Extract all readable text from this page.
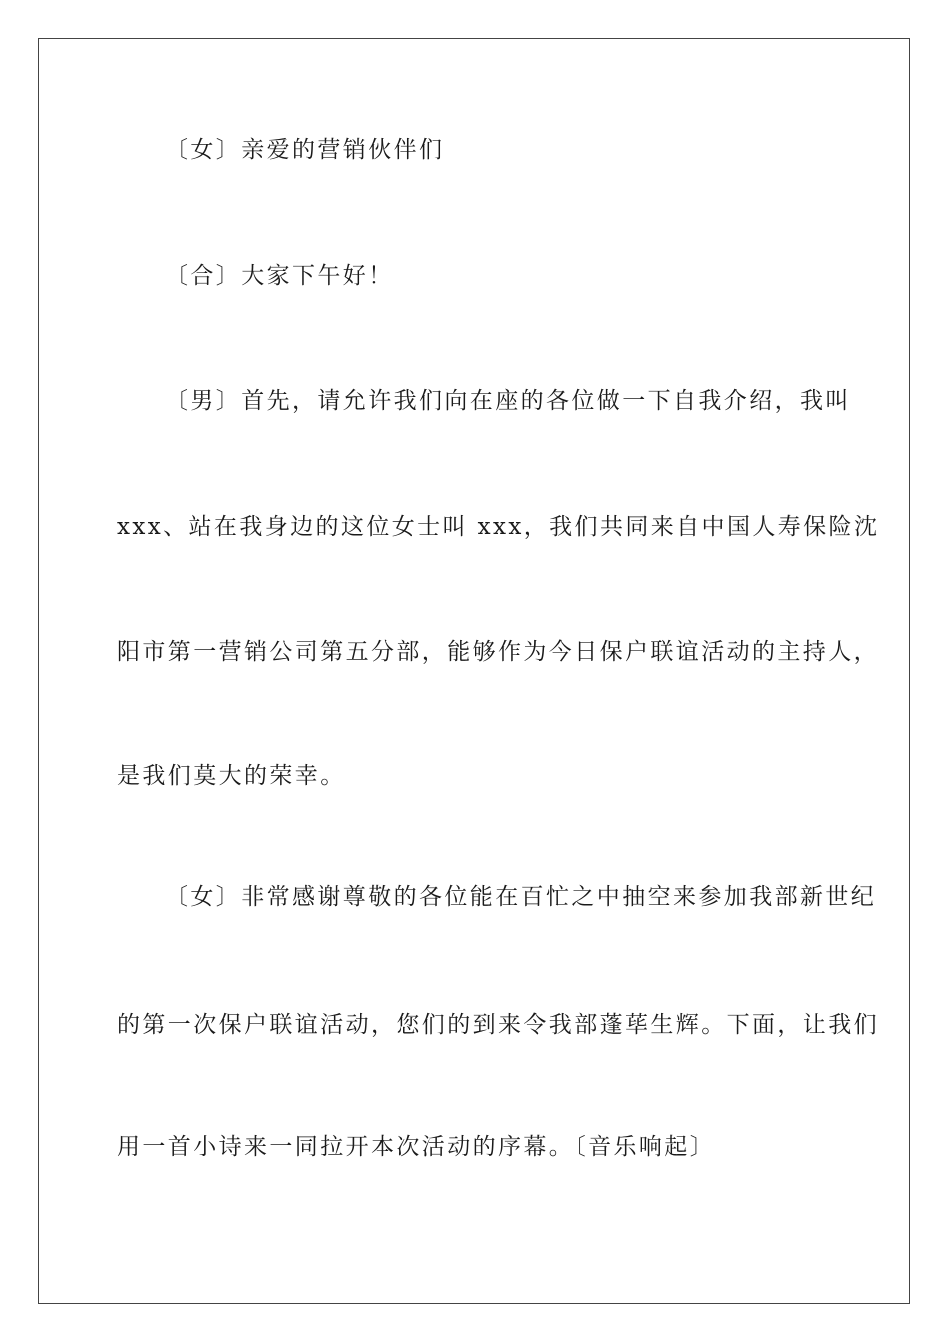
〔女〕亲爱的营销伙伴们
〔合〕大家下午好！
〔男〕首先，请允许我们向在座的各位做一下自我介绍，我叫
xxx、站在我身边的这位女士叫 xxx，我们共同来自中国人寿保险沈
阳市第一营销公司第五分部，能够作为今日保户联谊活动的主持人，
是我们莫大的荣幸。
〔女〕非常感谢尊敬的各位能在百忙之中抽空来参加我部新世纪
的第一次保户联谊活动，您们的到来令我部蓬荜生辉。下面，让我们
用一首小诗来一同拉开本次活动的序幕。〔音乐响起〕
